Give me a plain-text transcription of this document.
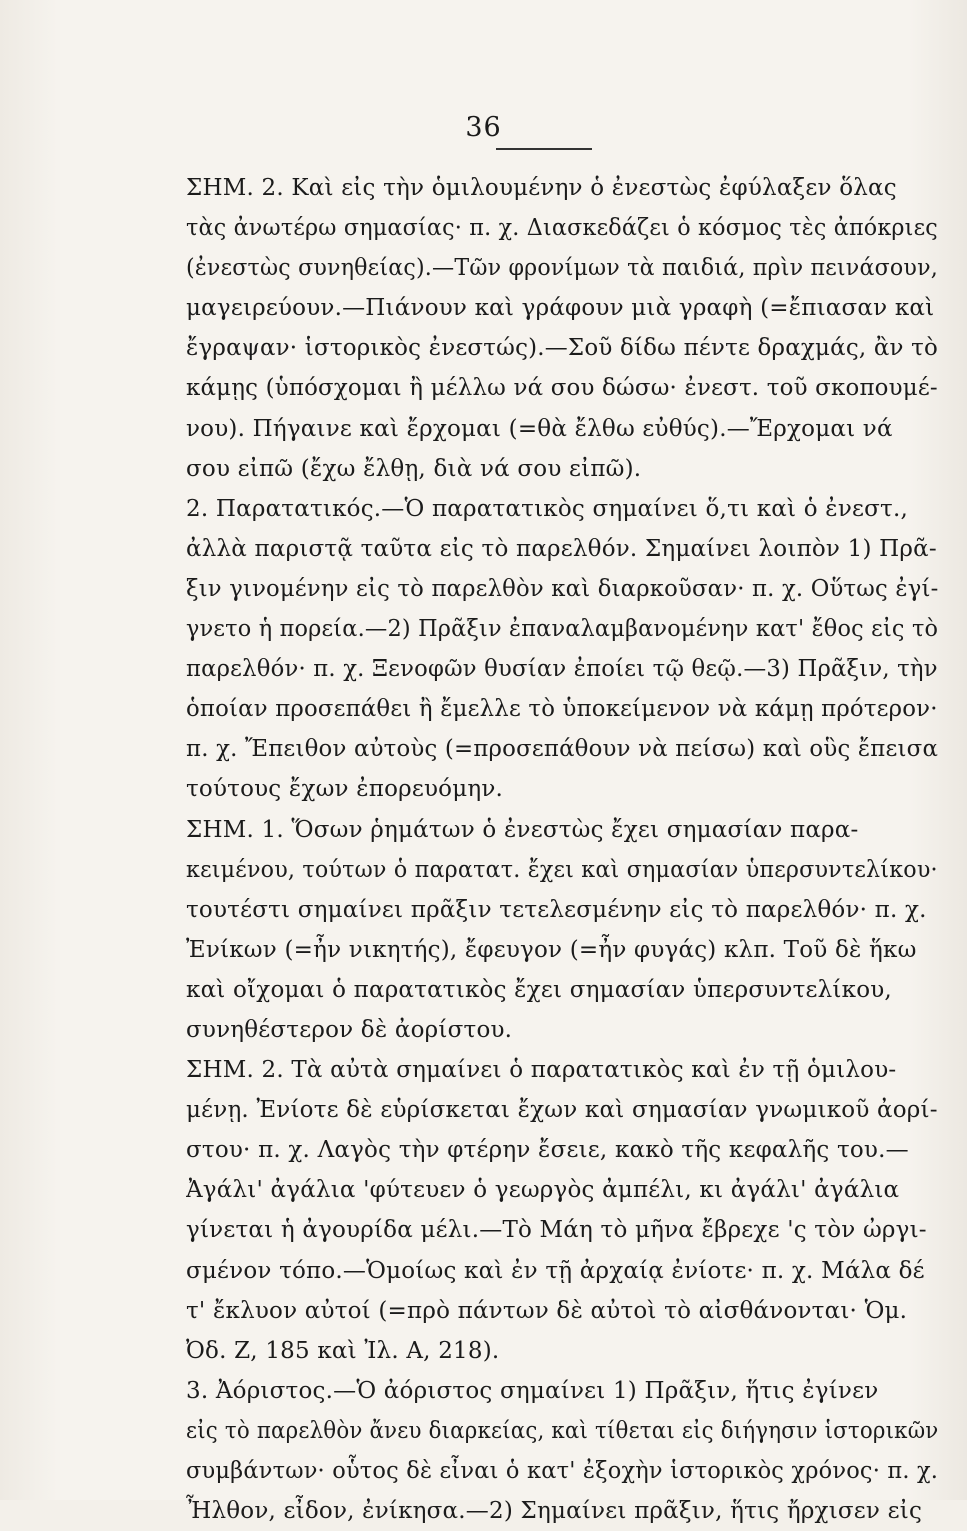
36
ΣΗΜ. 2. Καὶ εἰς τὴν ὁμιλουμένην ὁ ἐνεστὼς ἐφύλαξεν ὅλας
τὰς ἀνωτέρω σημασίας· π. χ. Διασκεδάζει ὁ κόσμος τὲς ἀπόκριες
(ἐνεστὼς συνηθείας).—Τῶν φρονίμων τὰ παιδιά, πρὶν πεινάσουν,
μαγειρεύουν.—Πιάνουν καὶ γράφουν μιὰ γραφὴ (=ἔπιασαν καὶ
ἔγραψαν· ἱστορικὸς ἐνεστώς).—Σοῦ δίδω πέντε δραχμάς, ἂν τὸ
κάμῃς (ὑπόσχομαι ἢ μέλλω νά σου δώσω· ἐνεστ. τοῦ σκοπουμέ-
νου). Πήγαινε καὶ ἔρχομαι (=θὰ ἔλθω εὐθύς).—Ἔρχομαι νά
σου εἰπῶ (ἔχω ἔλθῃ, διὰ νά σου εἰπῶ).
2. Παρατατικός.—Ὁ παρατατικὸς σημαίνει ὅ,τι καὶ ὁ ἐνεστ.,
ἀλλὰ παριστᾷ ταῦτα εἰς τὸ παρελθόν. Σημαίνει λοιπὸν 1) Πρᾶ-
ξιν γινομένην εἰς τὸ παρελθὸν καὶ διαρκοῦσαν· π. χ. Οὕτως ἐγί-
γνετο ἡ πορεία.—2) Πρᾶξιν ἐπαναλαμβανομένην κατ' ἔθος εἰς τὸ
παρελθόν· π. χ. Ξενοφῶν θυσίαν ἐποίει τῷ θεῷ.—3) Πρᾶξιν, τὴν
ὁποίαν προσεπάθει ἢ ἔμελλε τὸ ὑποκείμενον νὰ κάμῃ πρότερον·
π. χ. Ἔπειθον αὐτοὺς (=προσεπάθουν νὰ πείσω) καὶ οὓς ἔπεισα
τούτους ἔχων ἐπορευόμην.
ΣΗΜ. 1. Ὅσων ῥημάτων ὁ ἐνεστὼς ἔχει σημασίαν παρα-
κειμένου, τούτων ὁ παρατατ. ἔχει καὶ σημασίαν ὑπερσυντελίκου·
τουτέστι σημαίνει πρᾶξιν τετελεσμένην εἰς τὸ παρελθόν· π. χ.
Ἐνίκων (=ἦν νικητής), ἔφευγον (=ἦν φυγάς) κλπ. Τοῦ δὲ ἥκω
καὶ οἴχομαι ὁ παρατατικὸς ἔχει σημασίαν ὑπερσυντελίκου,
συνηθέστερον δὲ ἀορίστου.
ΣΗΜ. 2. Τὰ αὐτὰ σημαίνει ὁ παρατατικὸς καὶ ἐν τῇ ὁμιλου-
μένῃ. Ἐνίοτε δὲ εὑρίσκεται ἔχων καὶ σημασίαν γνωμικοῦ ἀορί-
στου· π. χ. Λαγὸς τὴν φτέρην ἔσειε, κακὸ τῆς κεφαλῆς του.—
Ἀγάλι' ἀγάλια 'φύτευεν ὁ γεωργὸς ἀμπέλι, κι ἀγάλι' ἀγάλια
γίνεται ἡ ἀγουρίδα μέλι.—Τὸ Μάη τὸ μῆνα ἔβρεχε 'ς τὸν ὠργι-
σμένον τόπο.—Ὁμοίως καὶ ἐν τῇ ἀρχαίᾳ ἐνίοτε· π. χ. Μάλα δέ
τ' ἔκλυον αὐτοί (=πρὸ πάντων δὲ αὐτοὶ τὸ αἰσθάνονται· Ὁμ.
Ὀδ. Ζ, 185 καὶ Ἰλ. Α, 218).
3. Ἀόριστος.—Ὁ ἀόριστος σημαίνει 1) Πρᾶξιν, ἥτις ἐγίνεν
εἰς τὸ παρελθὸν ἄνευ διαρκείας, καὶ τίθεται εἰς διήγησιν ἱστορικῶν
συμβάντων· οὗτος δὲ εἶναι ὁ κατ' ἐξοχὴν ἱστορικὸς χρόνος· π. χ.
Ἦλθον, εἶδον, ἐνίκησα.—2) Σημαίνει πρᾶξιν, ἥτις ἤρχισεν εἰς
